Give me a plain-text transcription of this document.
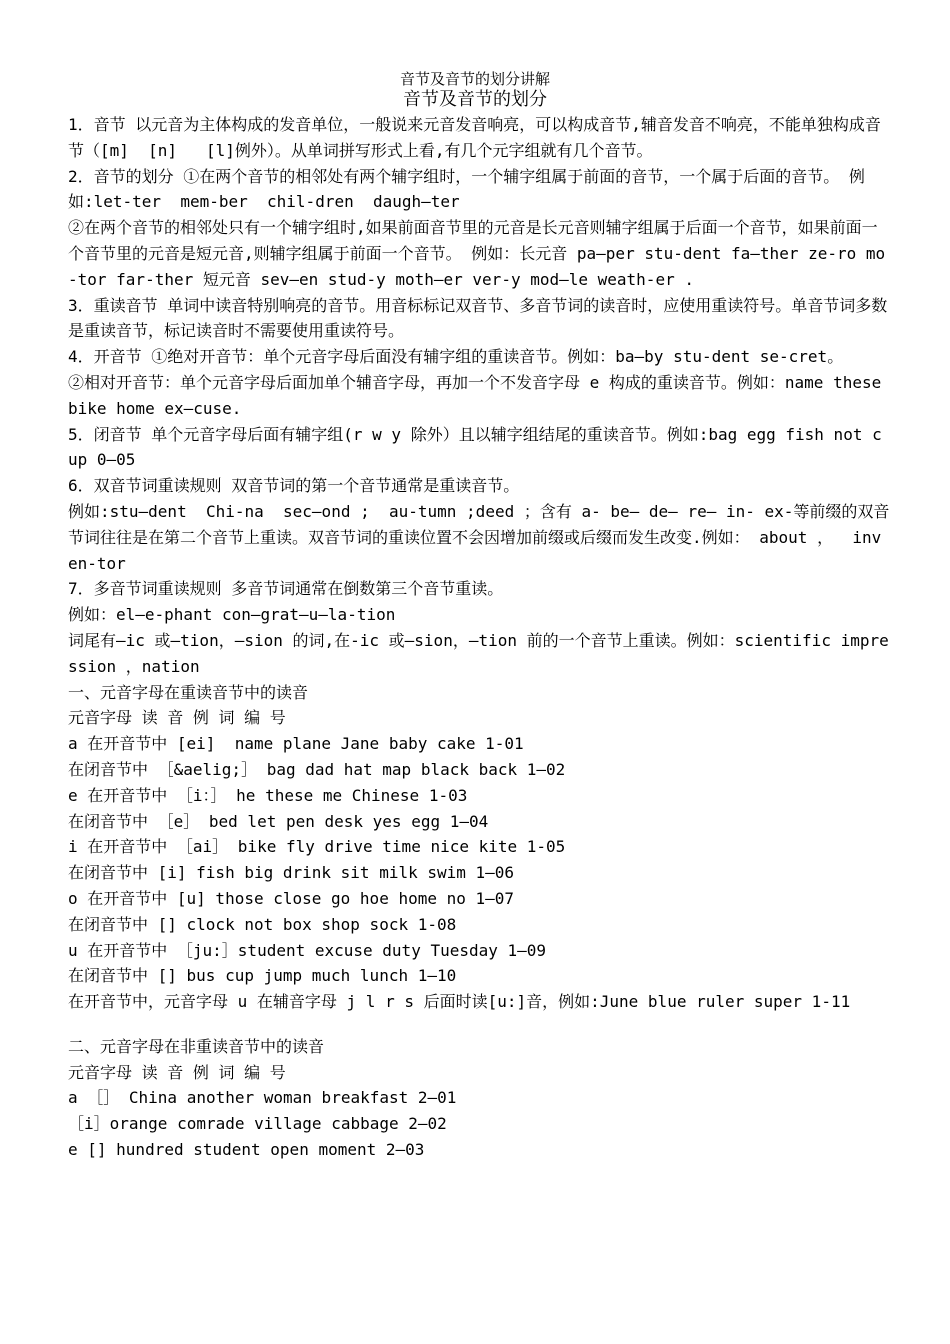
音节及音节的划分讲解
音节及音节的划分
1．音节 以元音为主体构成的发音单位，一般说来元音发音响亮，可以构成音节,辅音发音不响亮，不能单独构成音节（[m]  [n]   [l]例外）。从单词拼写形式上看,有几个元字组就有几个音节。
2．音节的划分 ①在两个音节的相邻处有两个辅字组时，一个辅字组属于前面的音节，一个属于后面的音节。 例如:let-ter  mem-ber  chil-dren  daugh—ter
②在两个音节的相邻处只有一个辅字组时,如果前面音节里的元音是长元音则辅字组属于后面一个音节，如果前面一个音节里的元音是短元音,则辅字组属于前面一个音节。 例如：长元音 pa—per stu-dent fa—ther ze-ro mo-tor far-ther 短元音 sev—en stud-y moth—er ver-y mod—le weath-er .
3．重读音节 单词中读音特别响亮的音节。用音标标记双音节、多音节词的读音时，应使用重读符号。单音节词多数是重读音节，标记读音时不需要使用重读符号。
4．开音节 ①绝对开音节：单个元音字母后面没有辅字组的重读音节。例如：ba—by stu-dent se-cret。
②相对开音节：单个元音字母后面加单个辅音字母，再加一个不发音字母 e 构成的重读音节。例如：name these bike home ex—cuse.
5．闭音节 单个元音字母后面有辅字组(r w y 除外）且以辅字组结尾的重读音节。例如:bag egg fish not cup 0—05
6．双音节词重读规则 双音节词的第一个音节通常是重读音节。
例如:stu—dent  Chi-na  sec—ond ;  au-tumn ;deed ；含有 a- be— de— re— in- ex-等前缀的双音节词往往是在第二个音节上重读。双音节词的重读位置不会因增加前缀或后缀而发生改变.例如： about ，  inven-tor
7．多音节词重读规则 多音节词通常在倒数第三个音节重读。
例如：el—e-phant con—grat—u—la-tion
词尾有—ic 或—tion，—sion 的词,在-ic 或—sion，—tion 前的一个音节上重读。例如：scientific impression ，nation
一、元音字母在重读音节中的读音
元音字母 读 音 例 词 编 号
a 在开音节中 [ei]  name plane Jane baby cake 1-01
在闭音节中 ［&aelig;］ bag dad hat map black back 1—02
e 在开音节中 ［i：］ he these me Chinese 1-03
在闭音节中 ［e］ bed let pen desk yes egg 1—04
i 在开音节中 ［ai］ bike fly drive time nice kite 1-05
在闭音节中 [i] fish big drink sit milk swim 1—06
o 在开音节中 [u] those close go hoe home no 1—07
在闭音节中 [] clock not box shop sock 1-08
u 在开音节中 ［ju:］student excuse duty Tuesday 1—09
在闭音节中 [] bus cup jump much lunch 1—10
在开音节中，元音字母 u 在辅音字母 j l r s 后面时读[u:]音，例如:June blue ruler super 1-11
二、元音字母在非重读音节中的读音
元音字母 读 音 例 词 编 号
a ［］ China another woman breakfast 2—01
［i］orange comrade village cabbage 2—02
e [] hundred student open moment 2—03
